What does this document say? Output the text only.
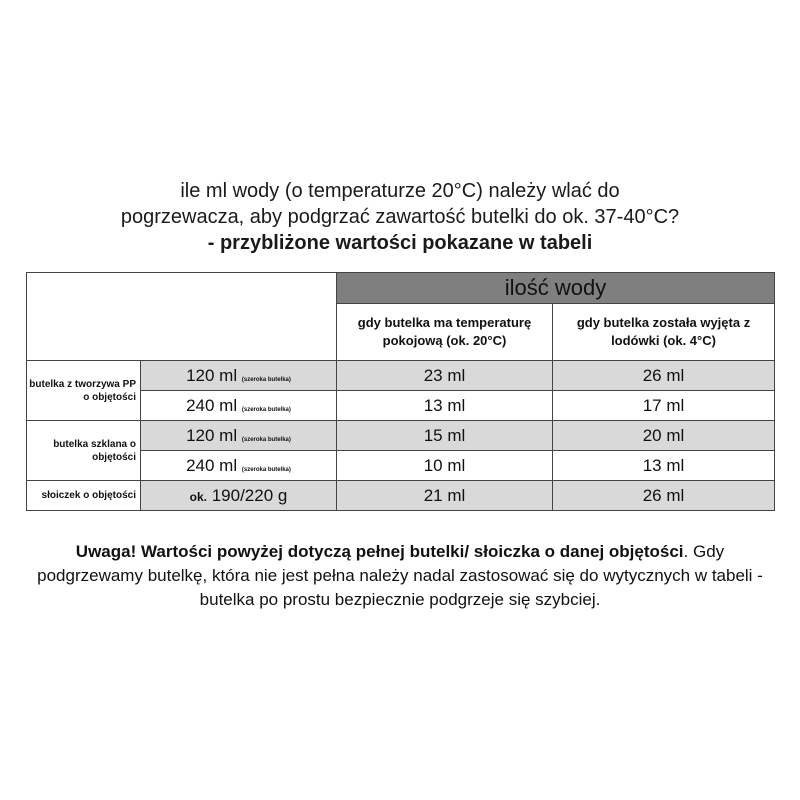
ile ml wody (o temperaturze 20°C) należy wlać do
pogrzewacza, aby podgrzać zawartość butelki do ok. 37-40°C?
- przybliżone wartości pokazane w tabeli
		ilość wody	
		gdy butelka ma temperaturę pokojową (ok. 20°C)	gdy butelka została wyjęta z lodówki (ok. 4°C)
butelka z tworzywa PP o objętości	120 ml (szeroka butelka)	23 ml	26 ml
	240 ml (szeroka butelka)	13 ml	17 ml
butelka szklana o objętości	120 ml (szeroka butelka)	15 ml	20 ml
	240 ml (szeroka butelka)	10 ml	13 ml
słoiczek o objętości	ok. 190/220 g	21 ml	26 ml
Uwaga! Wartości powyżej dotyczą pełnej butelki/ słoiczka o danej objętości. Gdy podgrzewamy butelkę, która nie jest pełna należy nadal zastosować się do wytycznych w tabeli - butelka po prostu bezpiecznie podgrzeje się szybciej.
